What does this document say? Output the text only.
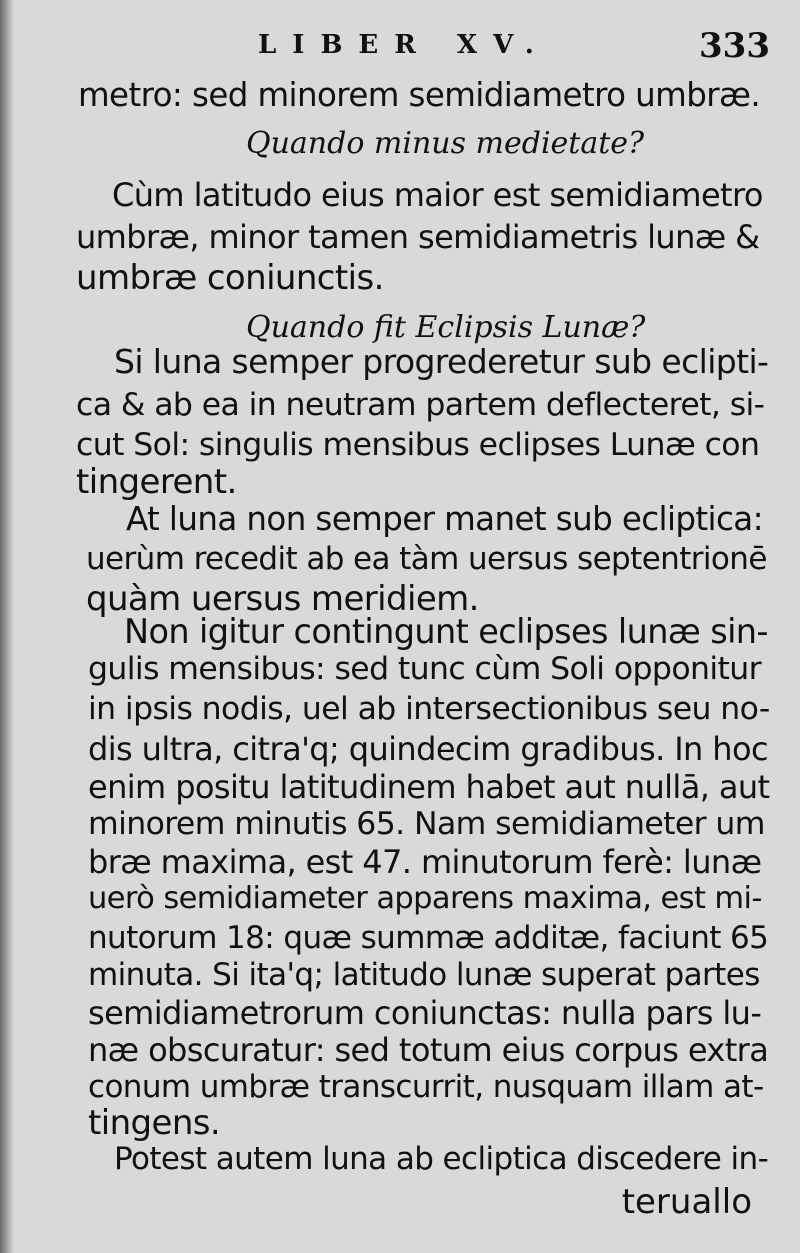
LIBER XV.	333
metro: sed minorem semidiametro umbræ.
Quando minus medietate?
Cùm latitudo eius maior est semidiametro
umbræ, minor tamen semidiametris lunæ &
umbræ coniunctis.
Quando fit Eclipsis Lunæ?
Si luna semper progrederetur sub eclipti-
ca & ab ea in neutram partem deflecteret, si-
cut Sol: singulis mensibus eclipses Lunæ con
tingerent.
At luna non semper manet sub ecliptica:
uerùm recedit ab ea tàm uersus septentrionē
quàm uersus meridiem.
Non igitur contingunt eclipses lunæ sin-
gulis mensibus: sed tunc cùm Soli opponitur
in ipsis nodis, uel ab intersectionibus seu no-
dis ultra, citra'q; quindecim gradibus. In hoc
enim positu latitudinem habet aut nullā, aut
minorem minutis 65. Nam semidiameter um
bræ maxima, est 47. minutorum ferè: lunæ
uerò semidiameter apparens maxima, est mi-
nutorum 18: quæ summæ additæ, faciunt 65
minuta. Si ita'q; latitudo lunæ superat partes
semidiametrorum coniunctas: nulla pars lu-
næ obscuratur: sed totum eius corpus extra
conum umbræ transcurrit, nusquam illam at-
tingens.
Potest autem luna ab ecliptica discedere in-
teruallo
